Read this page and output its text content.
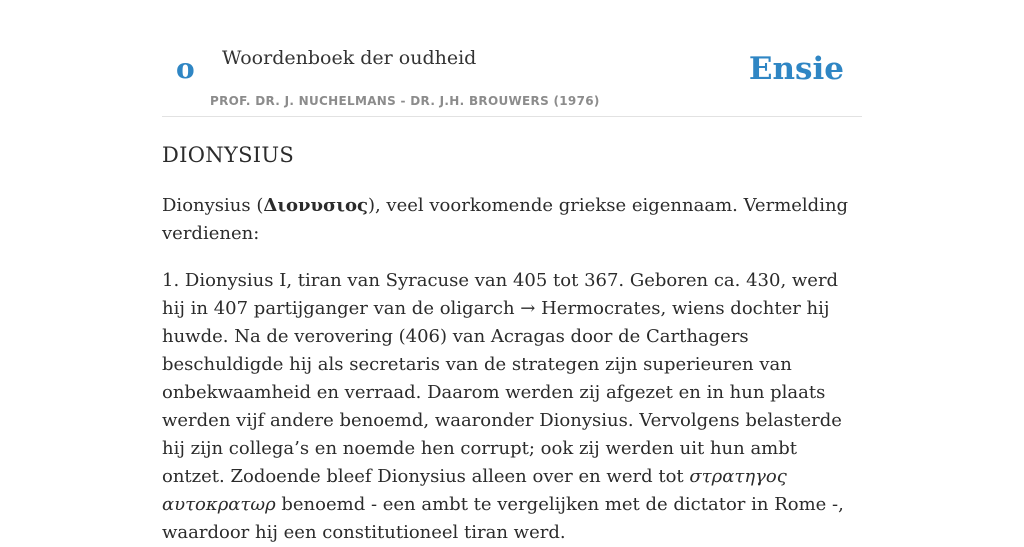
o Woordenboek der oudheid
PROF. DR. J. NUCHELMANS - DR. J.H. BROUWERS (1976)
Ensie
DIONYSIUS

Dionysius (Διονυσιος), veel voorkomende griekse eigennaam. Vermelding verdienen:

1. Dionysius I, tiran van Syracuse van 405 tot 367. Geboren ca. 430, werd hij in 407 partijganger van de oligarch → Hermocrates, wiens dochter hij huwde. Na de verovering (406) van Acragas door de Carthagers beschuldigde hij als secretaris van de strategen zijn superieuren van onbekwaamheid en verraad. Daarom werden zij afgezet en in hun plaats werden vijf andere benoemd, waaronder Dionysius. Vervolgens belasterde hij zijn collega’s en noemde hen corrupt; ook zij werden uit hun ambt ontzet. Zodoende bleef Dionysius alleen over en werd tot στρατηγος αυτοκρατωρ benoemd - een ambt te vergelijken met de dictator in Rome -, waardoor hij een constitutioneel tiran werd.
